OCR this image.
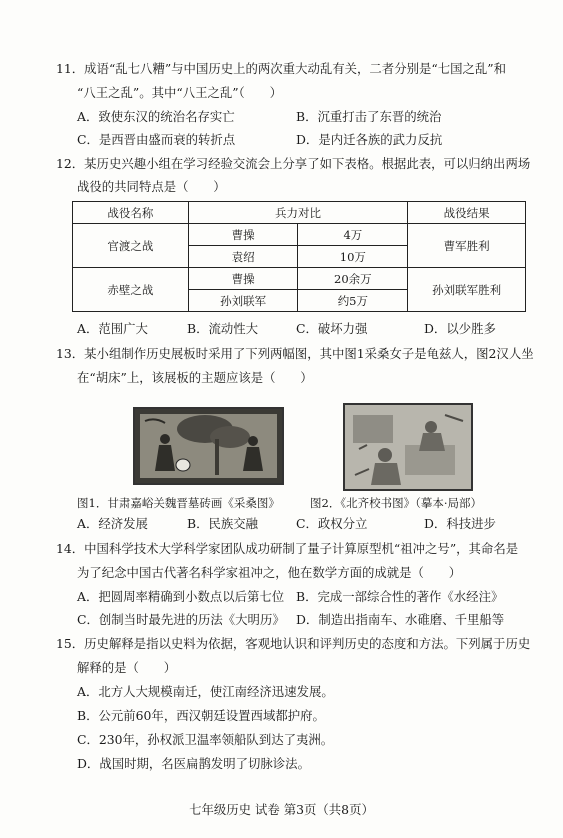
11．成语“乱七八糟”与中国历史上的两次重大动乱有关，二者分别是“七国之乱”和
“八王之乱”。其中“八王之乱”（　　）
A．致使东汉的统治名存实亡	B．沉重打击了东晋的统治
C．是西晋由盛而衰的转折点	D．是内迁各族的武力反抗
12．某历史兴趣小组在学习经验交流会上分享了如下表格。根据此表，可以归纳出两场
战役的共同特点是（　　）
战役名称	兵力对比		战役结果
官渡之战	曹操	4万	曹军胜利
	袁绍	10万	
赤壁之战	曹操	20余万	孙刘联军胜利
	孙刘联军	约5万	
A．范围广大	B．流动性大	C．破坏力强	D．以少胜多
13．某小组制作历史展板时采用了下列两幅图，其中图1采桑女子是龟兹人，图2汉人坐
在“胡床”上，该展板的主题应该是（　　）
图1．甘肃嘉峪关魏晋墓砖画《采桑图》	图2．《北齐校书图》（摹本·局部）
A．经济发展	B．民族交融	C．政权分立	D．科技进步
14．中国科学技术大学科学家团队成功研制了量子计算原型机“祖冲之号”，其命名是
为了纪念中国古代著名科学家祖冲之，他在数学方面的成就是（　　）
A．把圆周率精确到小数点以后第七位 B．完成一部综合性的著作《水经注》
C．创制当时最先进的历法《大明历》 D．制造出指南车、水碓磨、千里船等
15．历史解释是指以史料为依据，客观地认识和评判历史的态度和方法。下列属于历史
解释的是（　　）
A．北方人大规模南迁，使江南经济迅速发展。
B．公元前60年，西汉朝廷设置西域都护府。
C．230年，孙权派卫温率领船队到达了夷洲。
D．战国时期，名医扁鹊发明了切脉诊法。
七年级历史 试卷 第3页（共8页）
